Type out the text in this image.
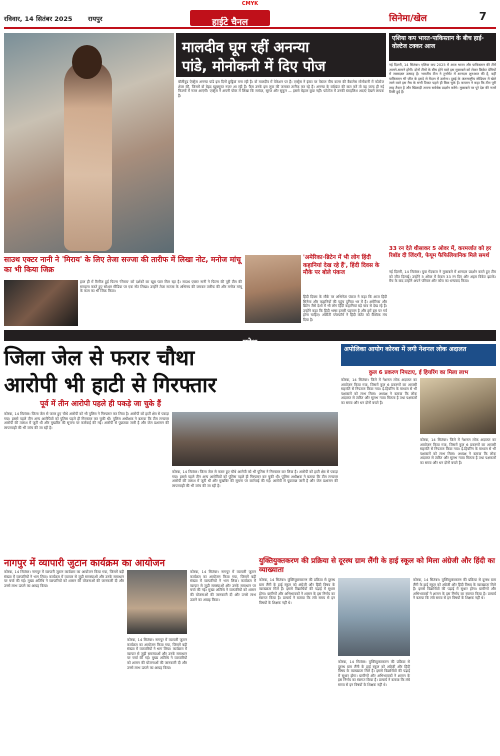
CMYK
रविवार, 14 सितंबर 2025 रायपुर	हाईटे चैनल	सिनेमा/खेल	7
मालदीव घूम रहीं अनन्या
पांडे, मोनोकनी में दिए पोज
बॉलीवुड ऐक्ट्रेस अनन्या पांडे इस दिनों छुट्टियां मना रही हैं। वो मालदीव में वेकेशन पर हैं। एक्ट्रेस ने इंस्टा पर पेस्टल पीच कलर की बैकलेस मोनोकनी में फोटोज शेयर कीं, जिसमें वो बेहद खूबसूरत नजर आ रही हैं। फैंस उनके इस लुक की जमकर तारीफ कर रहे हैं। अनन्या के वर्कफ्रंट की बात करें तो वह जल्द ही नई फिल्मों में नजर आएंगी। एक्ट्रेस ने अपनी पोस्ट में लिखा कि समंदर, सूरज और सुकून — इससे बेहतर कुछ नहीं। फोटोज में उनकी स्टाइलिश अदाएं देखने लायक हैं।
एशिया कप भारत-पाकिस्तान के बीच हाई-वोल्टेज टक्कर आज
नई दिल्ली, 14 सितंबर। एशिया कप 2025 में आज भारत और पाकिस्तान की टीमें आमने-सामने होंगी। दोनों टीमों के बीच होने वाले इस मुकाबले को लेकर क्रिकेट प्रेमियों में जबरदस्त उत्साह है। भारतीय टीम ने टूर्नामेंट में शानदार शुरुआत की है, वहीं पाकिस्तान भी जीत के इरादे से मैदान में उतरेगा। दुबई के अंतरराष्ट्रीय स्टेडियम में खेले जाने वाले इस मैच के सभी टिकट पहले ही बिक चुके हैं। कप्तान ने कहा कि टीम पूरी तरह तैयार है और खिलाड़ी अपना सर्वश्रेष्ठ प्रदर्शन करेंगे। मुकाबले पर पूरे देश की नजरें टिकी हुई हैं।
33 रन देते थीसाकर 5 ओवर में, करमर्जात को हर रिबॉड दी जिंदगी, फेयूम फैफिलियानिक मिले समर्थ
नई दिल्ली, 14 सितंबर। युवा गेंदबाज ने मुकाबले में शानदार प्रदर्शन करते हुए टीम को जीत दिलाई। उन्होंने 5 ओवर में केवल 33 रन दिए और अहम विकेट झटके। मैच के बाद उन्होंने अपने परिवार और कोच का धन्यवाद किया।
साउथ एक्टर नानी ने 'मिराय' के लिए तेजा सज्जा की तारीफ में लिखा नोट, मनोज मांचू का भी किया जिक्र
हाल ही में रिलीज हुई फिल्म 'मिराय' को दर्शकों का खूब प्यार मिल रहा है। साउथ एक्टर नानी ने फिल्म की पूरी टीम की सराहना करते हुए सोशल मीडिया पर एक नोट लिखा। उन्होंने तेजा सज्जा के अभिनय की जमकर तारीफ की और मनोज मांचू के काम का भी जिक्र किया।
'अमेरिका-ब्रिटेन में भी लोग हिंदी कहानियां देख रहे हैं', हिंदी दिवस के मौके पर बोले पंकज
हिंदी दिवस के मौके पर अभिनेता पंकज ने कहा कि आज हिंदी सिनेमा और कहानियों की पहुंच दुनिया भर में है। अमेरिका और ब्रिटेन जैसे देशों में भी लोग हिंदी कहानियां बड़े चाव से देख रहे हैं। उन्होंने कहा कि हिंदी भाषा हमारी पहचान है और हमें इस पर गर्व होना चाहिए। ओटीटी प्लेटफॉर्म ने हिंदी कंटेंट को वैश्विक मंच दिया है।
प्रदेश
जिला जेल से फरार चौथा
आरोपी भी हाटी से गिरफ्तार
पूर्व में तीन आरोपी पहले ही पकड़े जा चुके हैं
कोरबा, 14 सितंबर। जिला जेल से फरार हुए चौथे आरोपी को भी पुलिस ने गिरफ्तार कर लिया है। आरोपी को हाटी क्षेत्र से पकड़ा गया। इससे पहले तीन अन्य आरोपियों को पुलिस पहले ही गिरफ्तार कर चुकी थी। पुलिस अधीक्षक ने बताया कि टीम लगातार आरोपी की तलाश में जुटी थी और मुखबिर की सूचना पर कार्रवाई की गई। आरोपी से पूछताछ जारी है और जेल प्रशासन की लापरवाही की भी जांच की जा रही है।
कोरबा, 14 सितंबर। जिला जेल से फरार हुए चौथे आरोपी को भी पुलिस ने गिरफ्तार कर लिया है। आरोपी को हाटी क्षेत्र से पकड़ा गया। इससे पहले तीन अन्य आरोपियों को पुलिस पहले ही गिरफ्तार कर चुकी थी। पुलिस अधीक्षक ने बताया कि टीम लगातार आरोपी की तलाश में जुटी थी और मुखबिर की सूचना पर कार्रवाई की गई। आरोपी से पूछताछ जारी है और जेल प्रशासन की लापरवाही की भी जांच की जा रही है।
अपोलिका आयोग कोरबा में लगी नेशनल लोक अदालत
कुल 6 प्रकरण निपटाए, ई हियरिंग का मिला लाभ
कोरबा, 14 सितंबर। जिले में नेशनल लोक अदालत का आयोजन किया गया, जिसमें कुल 6 प्रकरणों का आपसी सहमति से निपटारा किया गया। ई-हियरिंग के माध्यम से भी पक्षकारों को लाभ मिला। अध्यक्ष ने बताया कि लोक अदालत से त्वरित और सुलभ न्याय मिलता है तथा पक्षकारों का समय और धन दोनों बचते हैं।
कोरबा, 14 सितंबर। जिले में नेशनल लोक अदालत का आयोजन किया गया, जिसमें कुल 6 प्रकरणों का आपसी सहमति से निपटारा किया गया। ई-हियरिंग के माध्यम से भी पक्षकारों को लाभ मिला। अध्यक्ष ने बताया कि लोक अदालत से त्वरित और सुलभ न्याय मिलता है तथा पक्षकारों का समय और धन दोनों बचते हैं।
नागपुर में व्यापारी जुटान कार्यक्रम का आयोजन
कोरबा, 14 सितंबर। नागपुर में व्यापारी जुटान कार्यक्रम का आयोजन किया गया, जिसमें बड़ी संख्या में व्यापारियों ने भाग लिया। कार्यक्रम में व्यापार से जुड़ी समस्याओं और उनके समाधान पर चर्चा की गई। मुख्य अतिथि ने व्यापारियों को शासन की योजनाओं की जानकारी दी और उनसे लाभ उठाने का आग्रह किया।
कोरबा, 14 सितंबर। नागपुर में व्यापारी जुटान कार्यक्रम का आयोजन किया गया, जिसमें बड़ी संख्या में व्यापारियों ने भाग लिया। कार्यक्रम में व्यापार से जुड़ी समस्याओं और उनके समाधान पर चर्चा की गई। मुख्य अतिथि ने व्यापारियों को शासन की योजनाओं की जानकारी दी और उनसे लाभ उठाने का आग्रह किया।
कोरबा, 14 सितंबर। नागपुर में व्यापारी जुटान कार्यक्रम का आयोजन किया गया, जिसमें बड़ी संख्या में व्यापारियों ने भाग लिया। कार्यक्रम में व्यापार से जुड़ी समस्याओं और उनके समाधान पर चर्चा की गई। मुख्य अतिथि ने व्यापारियों को शासन की योजनाओं की जानकारी दी और उनसे लाभ उठाने का आग्रह किया।
युक्तियुक्तकरण की प्रक्रिया से दूरस्थ ग्राम लैंगी के हाई स्कूल को मिला अंग्रेजी और हिंदी का व्याख्याता
कोरबा, 14 सितंबर। युक्तियुक्तकरण की प्रक्रिया से दूरस्थ ग्राम लैंगी के हाई स्कूल को अंग्रेजी और हिंदी विषय के व्याख्याता मिले हैं। इससे विद्यार्थियों की पढ़ाई में सुधार होगा। ग्रामीणों और अभिभावकों ने शासन के इस निर्णय का स्वागत किया है। प्राचार्य ने बताया कि लंबे समय से इन विषयों के शिक्षक नहीं थे।
कोरबा, 14 सितंबर। युक्तियुक्तकरण की प्रक्रिया से दूरस्थ ग्राम लैंगी के हाई स्कूल को अंग्रेजी और हिंदी विषय के व्याख्याता मिले हैं। इससे विद्यार्थियों की पढ़ाई में सुधार होगा। ग्रामीणों और अभिभावकों ने शासन के इस निर्णय का स्वागत किया है। प्राचार्य ने बताया कि लंबे समय से इन विषयों के शिक्षक नहीं थे।
कोरबा, 14 सितंबर। युक्तियुक्तकरण की प्रक्रिया से दूरस्थ ग्राम लैंगी के हाई स्कूल को अंग्रेजी और हिंदी विषय के व्याख्याता मिले हैं। इससे विद्यार्थियों की पढ़ाई में सुधार होगा। ग्रामीणों और अभिभावकों ने शासन के इस निर्णय का स्वागत किया है। प्राचार्य ने बताया कि लंबे समय से इन विषयों के शिक्षक नहीं थे।
